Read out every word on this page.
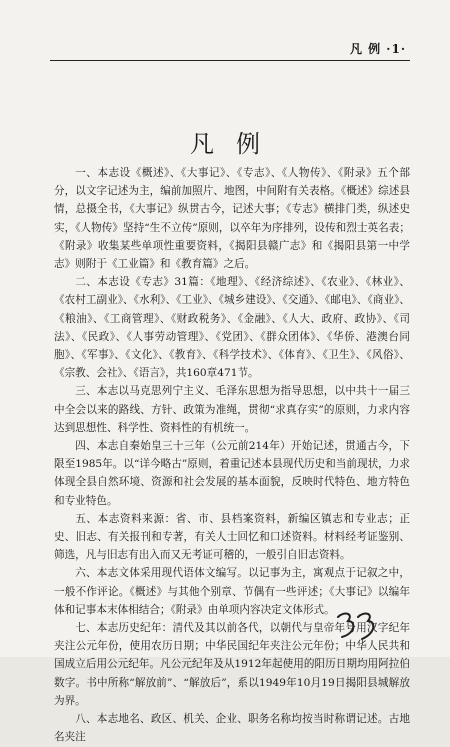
凡 例 ·1·
凡例

一、本志设《概述》、《大事记》、《专志》、《人物传》、《附录》五个部分，以文字记述为主，编前加照片、地图，中间附有关表格。《概述》综述县情，总摄全书，《大事记》纵贯古今，记述大事；《专志》横排门类，纵述史实，《人物传》坚持“生不立传”原则，以卒年为序排列，设传和烈士英名表；《附录》收集某些单项性重要资料，《揭阳县赣广志》和《揭阳县第一中学志》则附于《工业篇》和《教育篇》之后。

二、本志设《专志》31篇：《地理》、《经济综述》、《农业》、《林业》、《农村工副业》、《水利》、《工业》、《城乡建设》、《交通》、《邮电》、《商业》、《粮油》、《工商管理》、《财政税务》、《金融》、《人大、政府、政协》、《司法》、《民政》、《人事劳动管理》、《党团》、《群众团体》、《华侨、港澳台同胞》、《军事》、《文化》、《教育》、《科学技术》、《体育》、《卫生》、《风俗》、《宗教、会社》、《语言》，共160章471节。

三、本志以马克思列宁主义、毛泽东思想为指导思想，以中共十一届三中全会以来的路线、方针、政策为准绳，贯彻“求真存实”的原则，力求内容达到思想性、科学性、资料性的有机统一。

四、本志自秦始皇三十三年（公元前214年）开始记述，贯通古今，下限至1985年。以“详今略古”原则，着重记述本县现代历史和当前现状，力求体现全县自然环境、资源和社会发展的基本面貌，反映时代特色、地方特色和专业特色。

五、本志资料来源：省、市、县档案资料，新编区镇志和专业志；正史、旧志、有关报刊和专著，有关人士回忆和口述资料。材料经考证鉴别、筛选，凡与旧志有出入而又无考证可稽的，一般引自旧志资料。

六、本志文体采用现代语体文编写。以记事为主，寓观点于记叙之中，一般不作评论。《概述》与其他个别章、节偶有一些评述；《大事记》以编年体和记事本末体相结合；《附录》由单项内容决定文体形式。

七、本志历史纪年：清代及其以前各代，以朝代与皇帝年号用汉字纪年夹注公元年份，使用农历日期；中华民国纪年夹注公元年份；中华人民共和国成立后用公元纪年。凡公元纪年及从1912年起使用的阳历日期均用阿拉伯数字。书中所称“解放前”、“解放后”，系以1949年10月19日揭阳县城解放为界。

八、本志地名、政区、机关、企业、职务名称均按当时称谓记述。古地名夹注
